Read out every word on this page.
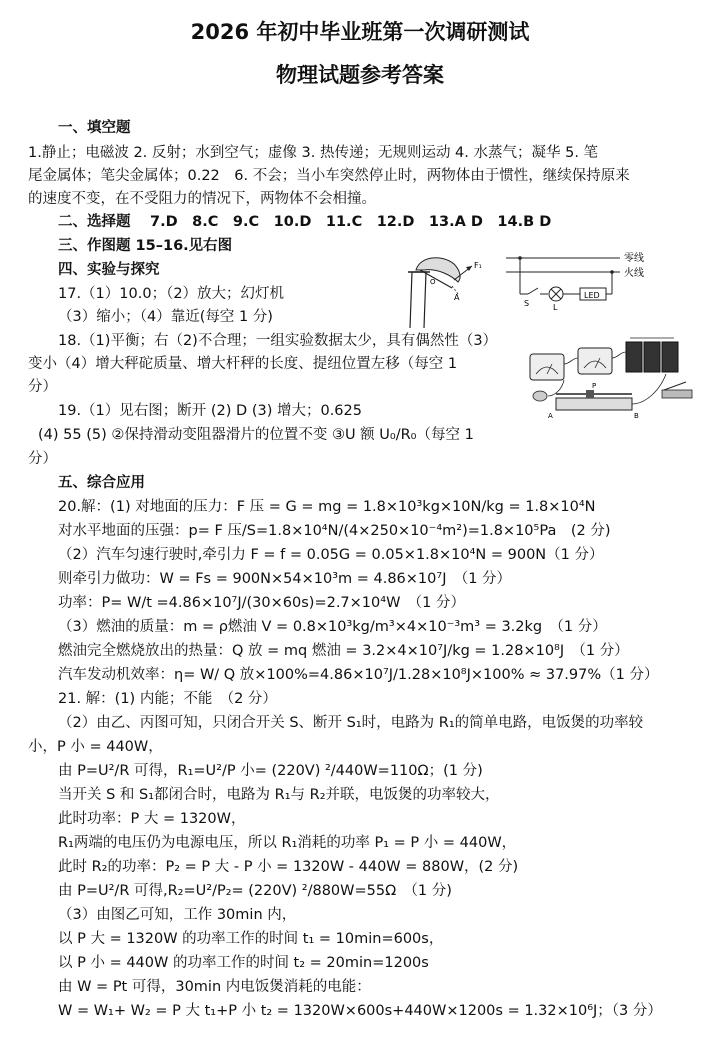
2026 年初中毕业班第一次调研测试
物理试题参考答案
一、填空题
1.静止；电磁波 2. 反射；水到空气；虚像 3. 热传递；无规则运动 4. 水蒸气；凝华 5. 笔
尾金属体；笔尖金属体；0.22　6. 不会；当小车突然停止时，两物体由于惯性，继续保持原来
的速度不变，在不受阻力的情况下，两物体不会相撞。
二、选择题　 7.D　8.C　9.C　10.D　11.C　12.D　13.A D　14.B D
三、作图题 15–16.见右图
四、实验与探究
17.（1）10.0；（2）放大；幻灯机
（3）缩小；（4）靠近(每空 1 分)
18.（1)平衡；右（2)不合理；一组实验数据太少，具有偶然性（3）
变小（4）增大秤砣质量、增大杆秤的长度、提纽位置左移（每空 1
分）
19.（1）见右图；断开 (2) D (3) 增大；0.625
(4) 55 (5) ②保持滑动变阻器滑片的位置不变 ③U 额 U₀/R₀（每空 1
分）
五、综合应用
20.解：(1) 对地面的压力：F 压 = G = mg = 1.8×10³kg×10N/kg = 1.8×10⁴N
对水平地面的压强：p= F 压/S=1.8×10⁴N/(4×250×10⁻⁴m²)=1.8×10⁵Pa　(2 分)
（2）汽车匀速行驶时,牵引力 F = f = 0.05G = 0.05×1.8×10⁴N = 900N（1 分）
则牵引力做功：W = Fs = 900N×54×10³m = 4.86×10⁷J　（1 分）
功率：P= W/t =4.86×10⁷J/(30×60s)=2.7×10⁴W　（1 分）
（3）燃油的质量：m = ρ燃油 V = 0.8×10³kg/m³×4×10⁻³m³ = 3.2kg　（1 分）
燃油完全燃烧放出的热量：Q 放 = mq 燃油 = 3.2×4×10⁷J/kg = 1.28×10⁸J　（1 分）
汽车发动机效率：η= W/ Q 放×100%=4.86×10⁷J/1.28×10⁸J×100% ≈ 37.97%（1 分）
21. 解：(1) 内能；不能　（2 分）
（2）由乙、丙图可知，只闭合开关 S、断开 S₁时，电路为 R₁的简单电路，电饭煲的功率较
小，P 小 = 440W，
由 P=U²/R 可得，R₁=U²/P 小= (220V) ²/440W=110Ω；(1 分)
当开关 S 和 S₁都闭合时，电路为 R₁与 R₂并联，电饭煲的功率较大，
此时功率：P 大 = 1320W，
R₁两端的电压仍为电源电压，所以 R₁消耗的功率 P₁ = P 小 = 440W，
此时 R₂的功率：P₂ = P 大 - P 小 = 1320W - 440W = 880W，(2 分)
由 P=U²/R 可得,R₂=U²/P₂= (220V) ²/880W=55Ω　（1 分)
（3）由图乙可知，工作 30min 内，
以 P 大 = 1320W 的功率工作的时间 t₁ = 10min=600s，
以 P 小 = 440W 的功率工作的时间 t₂ = 20min=1200s
由 W = Pt 可得，30min 内电饭煲消耗的电能：
W = W₁+ W₂ = P 大 t₁+P 小 t₂ = 1320W×600s+440W×1200s = 1.32×10⁶J；（3 分）
F₁
A
O
零线
火线
S	L
LED
P
A	B
